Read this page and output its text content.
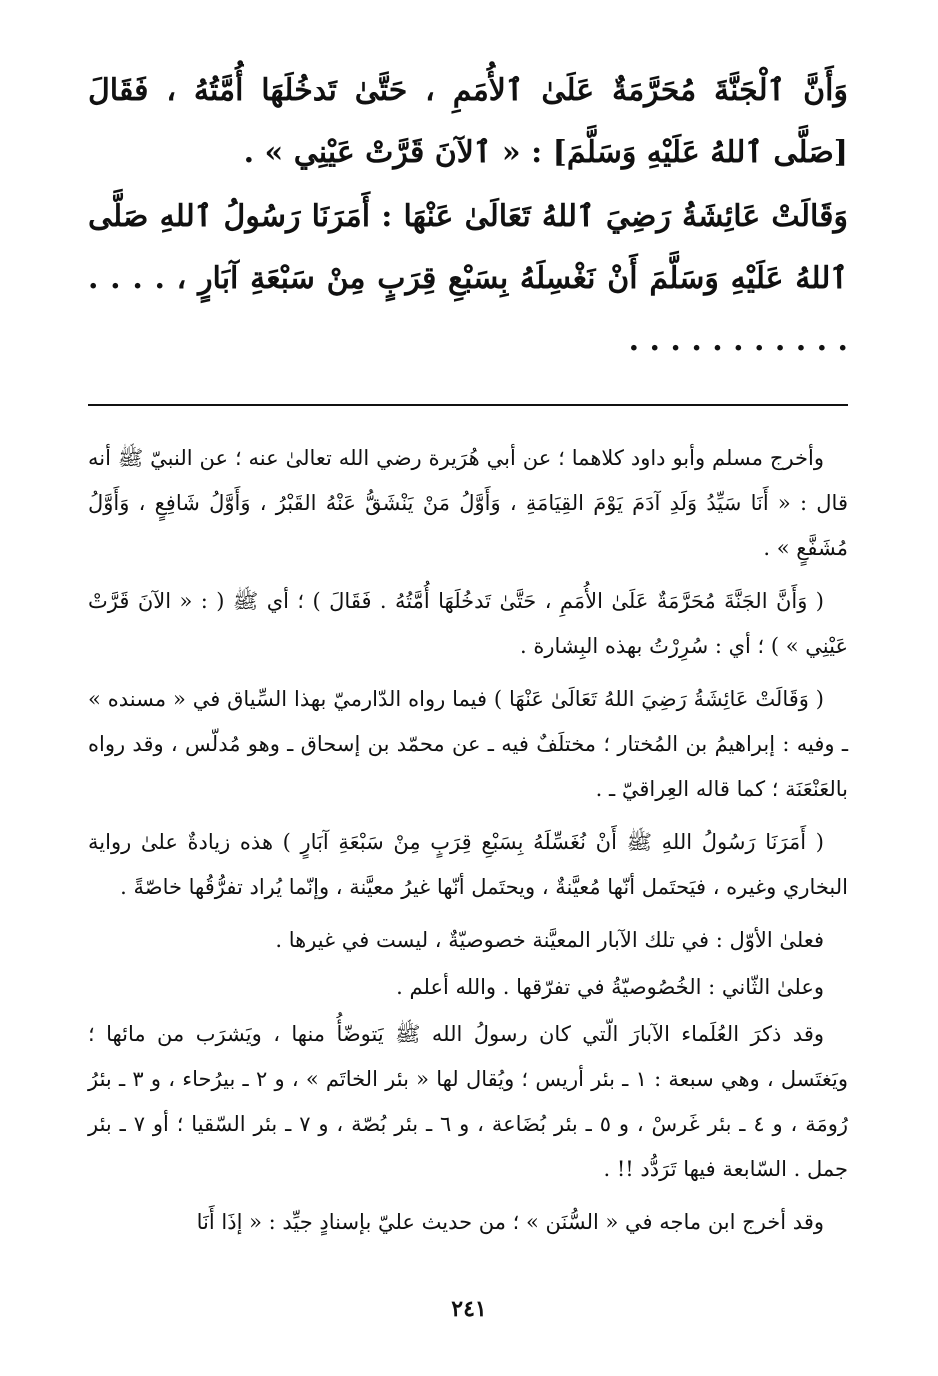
وَأَنَّ ٱلْجَنَّةَ مُحَرَّمَةٌ عَلَىٰ ٱلأُمَمِ ، حَتَّىٰ تَدخُلَهَا أُمَّتُهُ ، فَقَالَ [صَلَّى ٱللهُ عَلَيْهِ وَسَلَّمَ] : « ٱلآنَ قَرَّتْ عَيْنِي » .

وَقَالَتْ عَائِشَةُ رَضِيَ ٱللهُ تَعَالَىٰ عَنْهَا : أَمَرَنَا رَسُولُ ٱللهِ صَلَّى ٱللهُ عَلَيْهِ وَسَلَّمَ أَنْ نَغْسِلَهُ بِسَبْعِ قِرَبٍ مِنْ سَبْعَةِ آبَارٍ ، . . . . . . . . . . . . . . .

وأخرج مسلم وأبو داود كلاهما ؛ عن أبي هُرَيرة رضي الله تعالىٰ عنه ؛ عن النبيّ ﷺ أنه قال : « أَنَا سَيِّدُ وَلَدِ آدَمَ يَوْمَ القِيَامَةِ ، وَأَوَّلُ مَنْ يَنْشَقُّ عَنْهُ القَبْرُ ، وَأَوَّلُ شَافِعٍ ، وَأَوَّلُ مُشَفَّعٍ » .

( وَأَنَّ الجَنَّةَ مُحَرَّمَةٌ عَلَىٰ الأُمَمِ ، حَتَّىٰ تَدخُلَهَا أُمَّتُهُ . فَقَالَ ) ؛ أي ﷺ ( : « الآنَ قَرَّتْ عَيْنِي » ) ؛ أي : سُرِرْتُ بهذه البِشارة .

( وَقَالَتْ عَائِشَةُ رَضِيَ اللهُ تَعَالَىٰ عَنْهَا ) فيما رواه الدّارميّ بهذا السِّياق في « مسنده » ـ وفيه : إبراهيمُ بن المُختار ؛ مختلَفٌ فيه ـ عن محمّد بن إسحاق ـ وهو مُدلّس ، وقد رواه بالعَنْعَنَة ؛ كما قاله العِراقيّ ـ .

( أَمَرَنَا رَسُولُ اللهِ ﷺ أَنْ نُغَسِّلَهُ بِسَبْعِ قِرَبٍ مِنْ سَبْعَةِ آبَارٍ ) هذه زيادةٌ علىٰ رواية البخاري وغيره ، فيَحتَمل أنّها مُعيَّنةٌ ، ويحتَمل أنّها غيرُ معيَّنة ، وإنّما يُراد تفرُّقُها خاصّةً .

فعلىٰ الأوّل : في تلك الآبار المعيَّنة خصوصيّةٌ ، ليست في غيرها .

وعلىٰ الثّاني : الخُصُوصيّةُ في تفرّقها . والله أعلم .

وقد ذكرَ العُلَماء الآبارَ الّتي كان رسولُ الله ﷺ يَتوضّأُ منها ، ويَشرَب من مائها ؛ ويَغتَسل ، وهي سبعة : ١ ـ بئر أريس ؛ ويُقال لها « بئر الخاتَم » ، و ٢ ـ بيرُحاء ، و ٣ ـ بئرُ رُومَة ، و ٤ ـ بئر غَرسْ ، و ٥ ـ بئر بُضَاعة ، و ٦ ـ بئر بُصّة ، و ٧ ـ بئر السّقيا ؛ أو ٧ ـ بئر جمل . السّابعة فيها تَرَدُّد !! .

وقد أخرج ابن ماجه في « السُّنَن » ؛ من حديث عليّ بإسنادٍ جيِّد : « إذَا أَنَا

٢٤١
